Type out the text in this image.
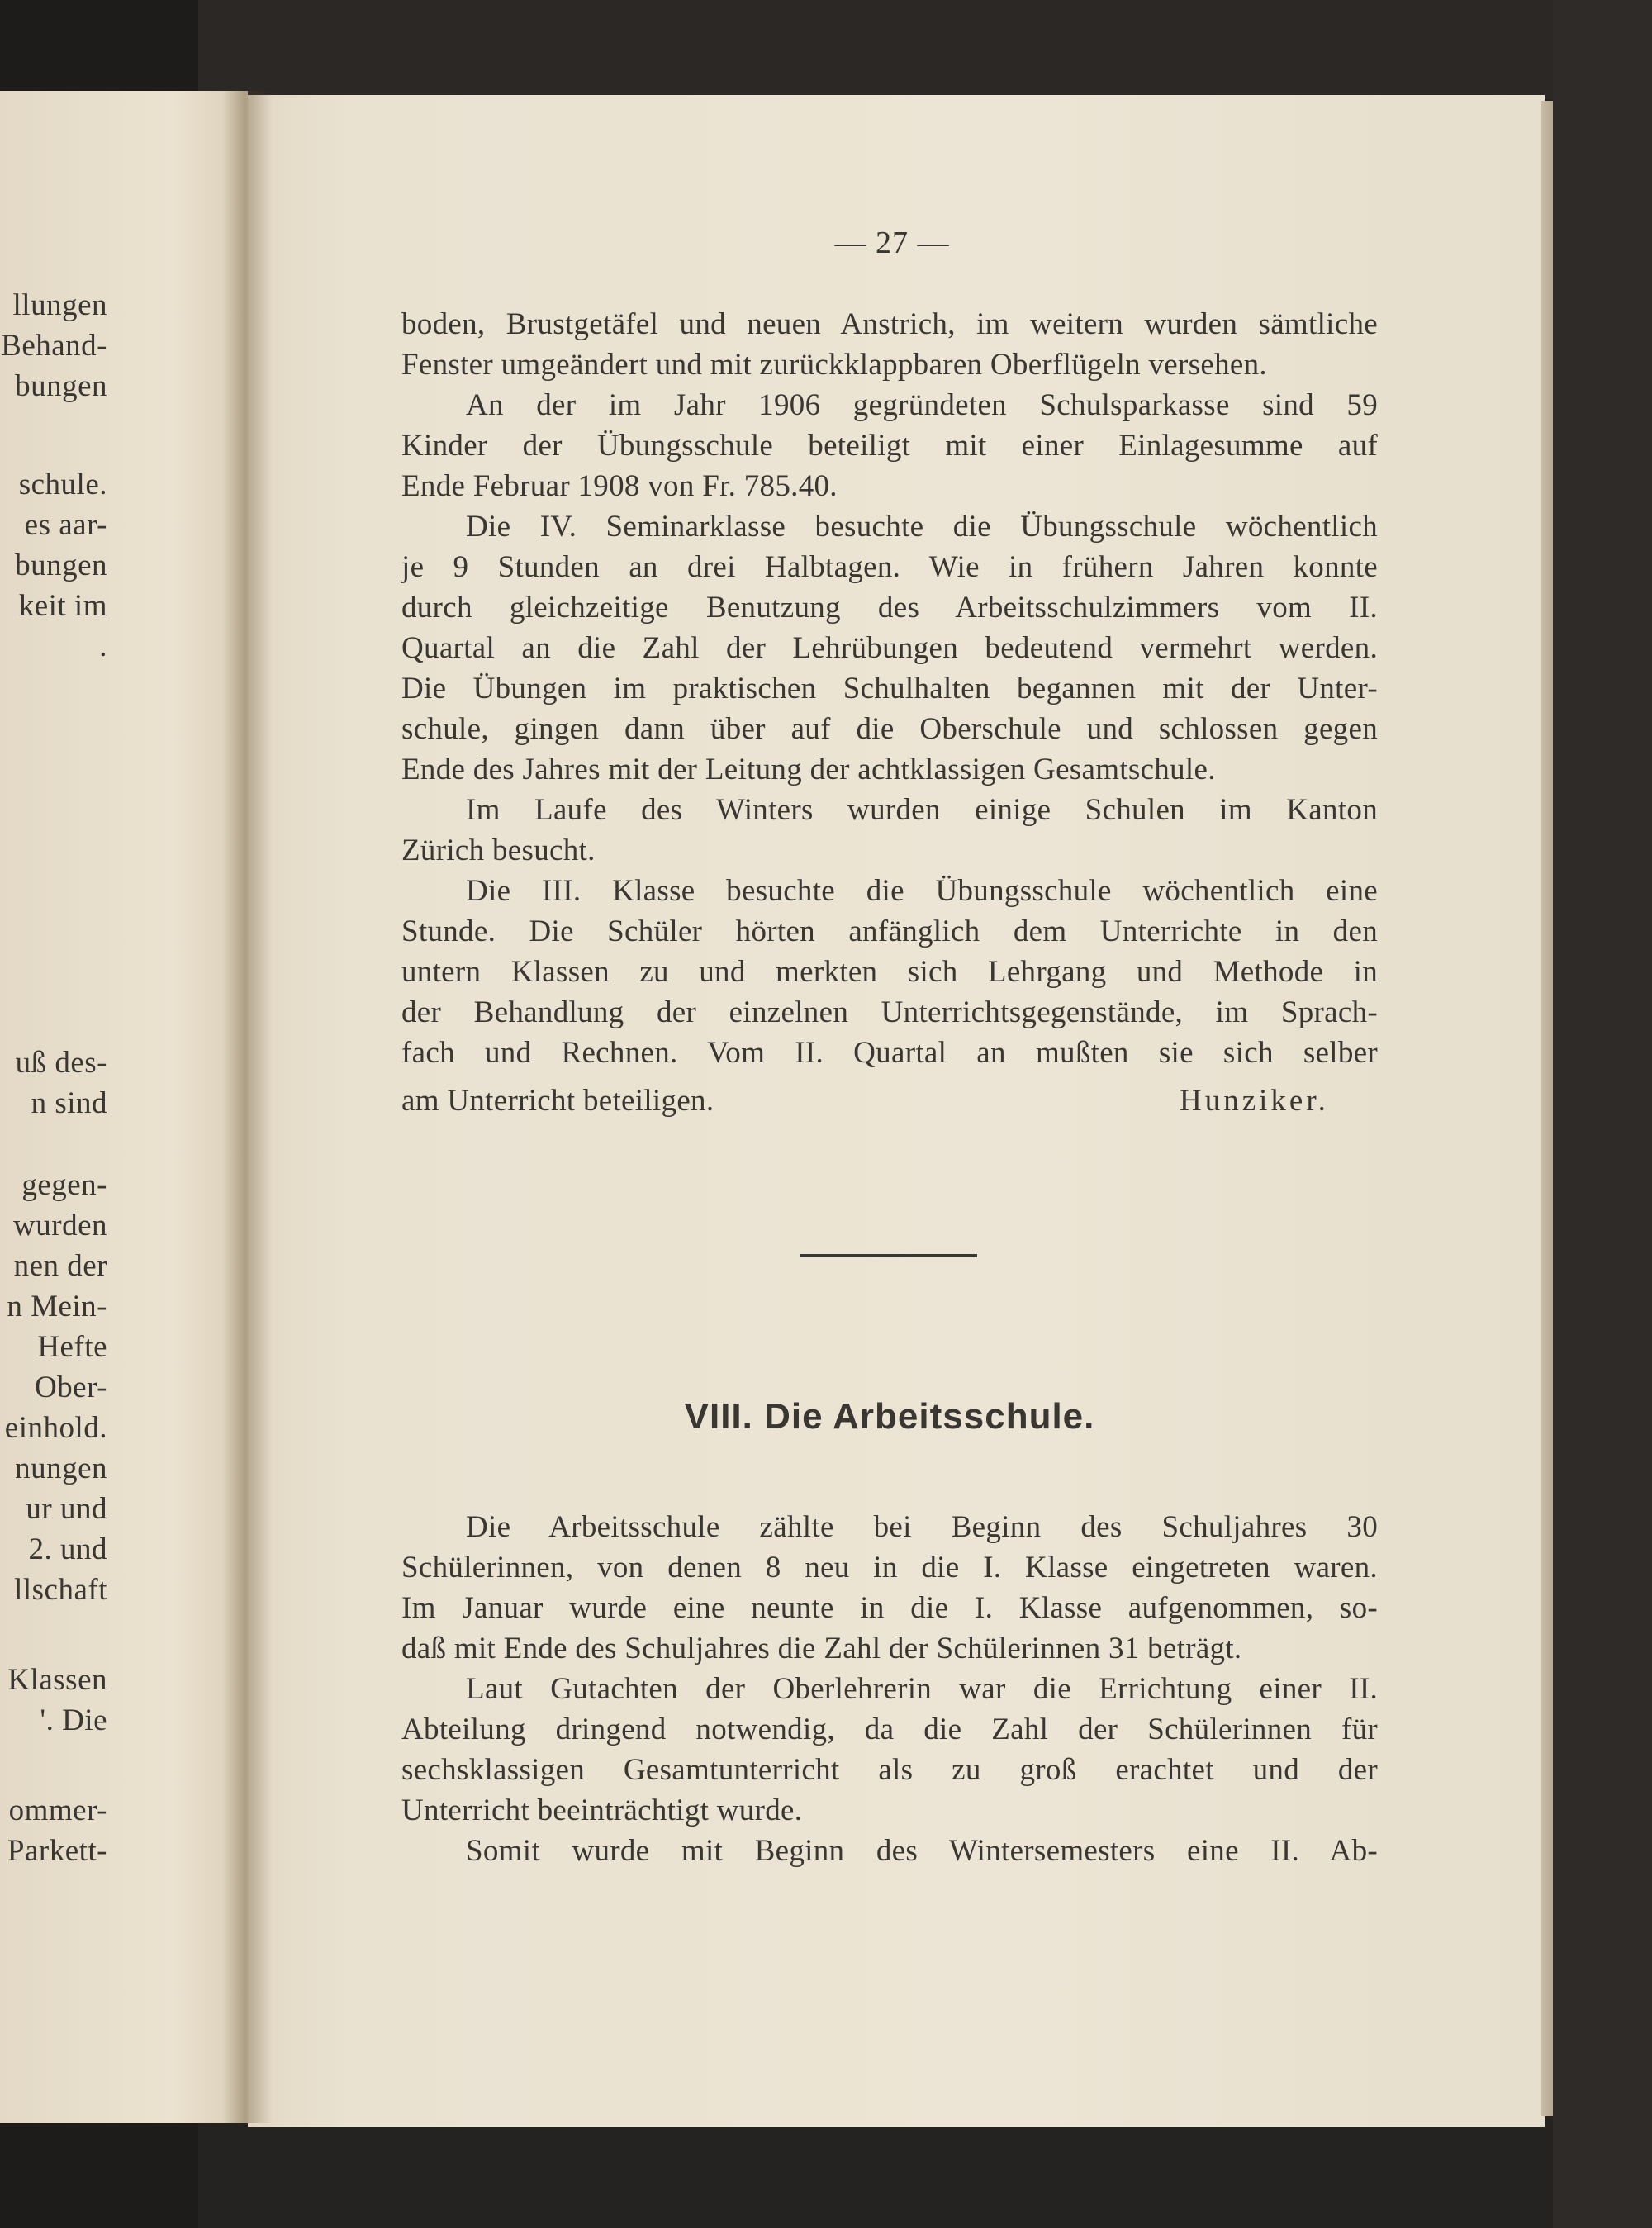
llungen
Behand-
bungen
schule.
es aar-
bungen
keit im
.
uß des-
n sind
gegen-
wurden
nen der
n Mein-
Hefte
Ober-
einhold.
nungen
ur und
2. und
llschaft
Klassen
'. Die
ommer-
Parkett-
— 27 —
boden, Brustgetäfel und neuen Anstrich, im weitern wurden sämtliche
Fenster umgeändert und mit zurückklappbaren Oberflügeln versehen.
An der im Jahr 1906 gegründeten Schulsparkasse sind 59
Kinder der Übungsschule beteiligt mit einer Einlagesumme auf
Ende Februar 1908 von Fr. 785.40.
Die IV. Seminarklasse besuchte die Übungsschule wöchentlich
je 9 Stunden an drei Halbtagen. Wie in frühern Jahren konnte
durch gleichzeitige Benutzung des Arbeitsschulzimmers vom II.
Quartal an die Zahl der Lehrübungen bedeutend vermehrt werden.
Die Übungen im praktischen Schulhalten begannen mit der Unter-
schule, gingen dann über auf die Oberschule und schlossen gegen
Ende des Jahres mit der Leitung der achtklassigen Gesamtschule.
Im Laufe des Winters wurden einige Schulen im Kanton
Zürich besucht.
Die III. Klasse besuchte die Übungsschule wöchentlich eine
Stunde. Die Schüler hörten anfänglich dem Unterrichte in den
untern Klassen zu und merkten sich Lehrgang und Methode in
der Behandlung der einzelnen Unterrichtsgegenstände, im Sprach-
fach und Rechnen. Vom II. Quartal an mußten sie sich selber
am Unterricht beteiligen.	Hunziker.
VIII. Die Arbeitsschule.
Die Arbeitsschule zählte bei Beginn des Schuljahres 30
Schülerinnen, von denen 8 neu in die I. Klasse eingetreten waren.
Im Januar wurde eine neunte in die I. Klasse aufgenommen, so-
daß mit Ende des Schuljahres die Zahl der Schülerinnen 31 beträgt.
Laut Gutachten der Oberlehrerin war die Errichtung einer II.
Abteilung dringend notwendig, da die Zahl der Schülerinnen für
sechsklassigen Gesamtunterricht als zu groß erachtet und der
Unterricht beeinträchtigt wurde.
Somit wurde mit Beginn des Wintersemesters eine II. Ab-
